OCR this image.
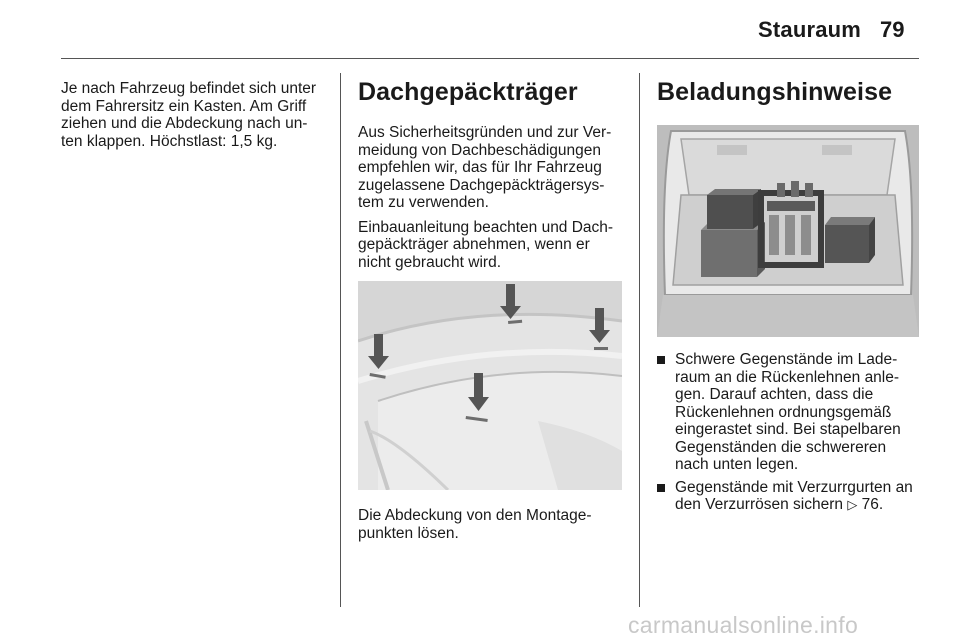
Stauraum 79

Je nach Fahrzeug befindet sich unter dem Fahrersitz ein Kasten. Am Griff ziehen und die Abdeckung nach un- ten klappen. Höchstlast: 1,5 kg.

Dachgepäckträger

Aus Sicherheitsgründen und zur Ver- meidung von Dachbeschädigungen empfehlen wir, das für Ihr Fahrzeug zugelassene Dachgepäckträgersys- tem zu verwenden.

Einbauanleitung beachten und Dach- gepäckträger abnehmen, wenn er nicht gebraucht wird.

Die Abdeckung von den Montage- punkten lösen.

Beladungshinweise
Schwere Gegenstände im Lade-
raum an die Rückenlehnen anle-
gen. Darauf achten, dass die
Rückenlehnen ordnungsgemäß
eingerastet sind. Bei stapelbaren
Gegenständen die schwereren
nach unten legen.
Gegenstände mit Verzurrgurten an
den Verzurrösen sichern ▷ 76.
carmanualsonline.info
